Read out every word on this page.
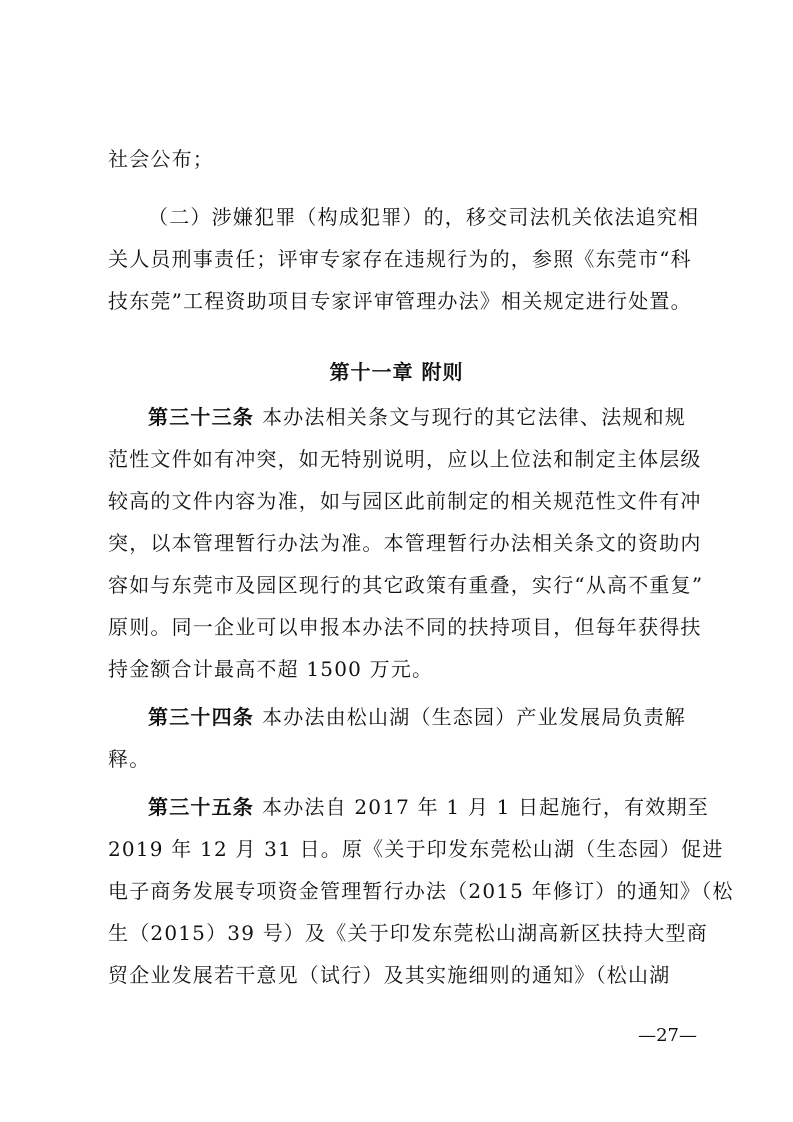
社会公布；
（二）涉嫌犯罪（构成犯罪）的，移交司法机关依法追究相
关人员刑事责任；评审专家存在违规行为的，参照《东莞市“科
技东莞”工程资助项目专家评审管理办法》相关规定进行处置。
第十一章 附则
第三十三条 本办法相关条文与现行的其它法律、法规和规
范性文件如有冲突，如无特别说明，应以上位法和制定主体层级
较高的文件内容为准，如与园区此前制定的相关规范性文件有冲
突，以本管理暂行办法为准。本管理暂行办法相关条文的资助内
容如与东莞市及园区现行的其它政策有重叠，实行“从高不重复”
原则。同一企业可以申报本办法不同的扶持项目，但每年获得扶
持金额合计最高不超 1500 万元。
第三十四条 本办法由松山湖（生态园）产业发展局负责解
释。
第三十五条 本办法自 2017 年 1 月 1 日起施行，有效期至
2019 年 12 月 31 日。原《关于印发东莞松山湖（生态园）促进
电子商务发展专项资金管理暂行办法（2015 年修订）的通知》（松
生（2015）39 号）及《关于印发东莞松山湖高新区扶持大型商
贸企业发展若干意见（试行）及其实施细则的通知》（松山湖
—27—
